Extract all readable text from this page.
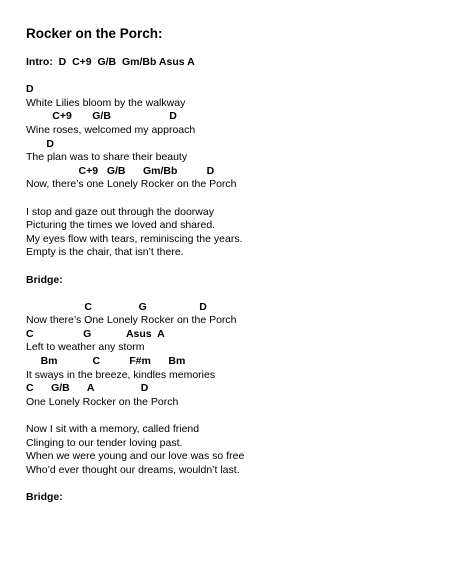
Rocker on the Porch:
Intro:  D  C+9  G/B  Gm/Bb Asus A
D
White Lilies bloom by the walkway
C+9       G/B                    D
Wine roses, welcomed my approach
D
The plan was to share their beauty
C+9   G/B      Gm/Bb          D
Now, there’s one Lonely Rocker on the Porch
I stop and gaze out through the doorway
Picturing the times we loved and shared.
My eyes flow with tears, reminiscing the years.
Empty is the chair, that isn’t there.
Bridge:
C                G                  D
Now there’s One Lonely Rocker on the Porch
C                 G            Asus  A
Left to weather any storm
Bm            C          F#m      Bm
It sways in the breeze, kindles memories
C      G/B      A                D
One Lonely Rocker on the Porch
Now I sit with a memory, called friend
Clinging to our tender loving past.
When we were young and our love was so free
Who’d ever thought our dreams, wouldn’t last.
Bridge:
